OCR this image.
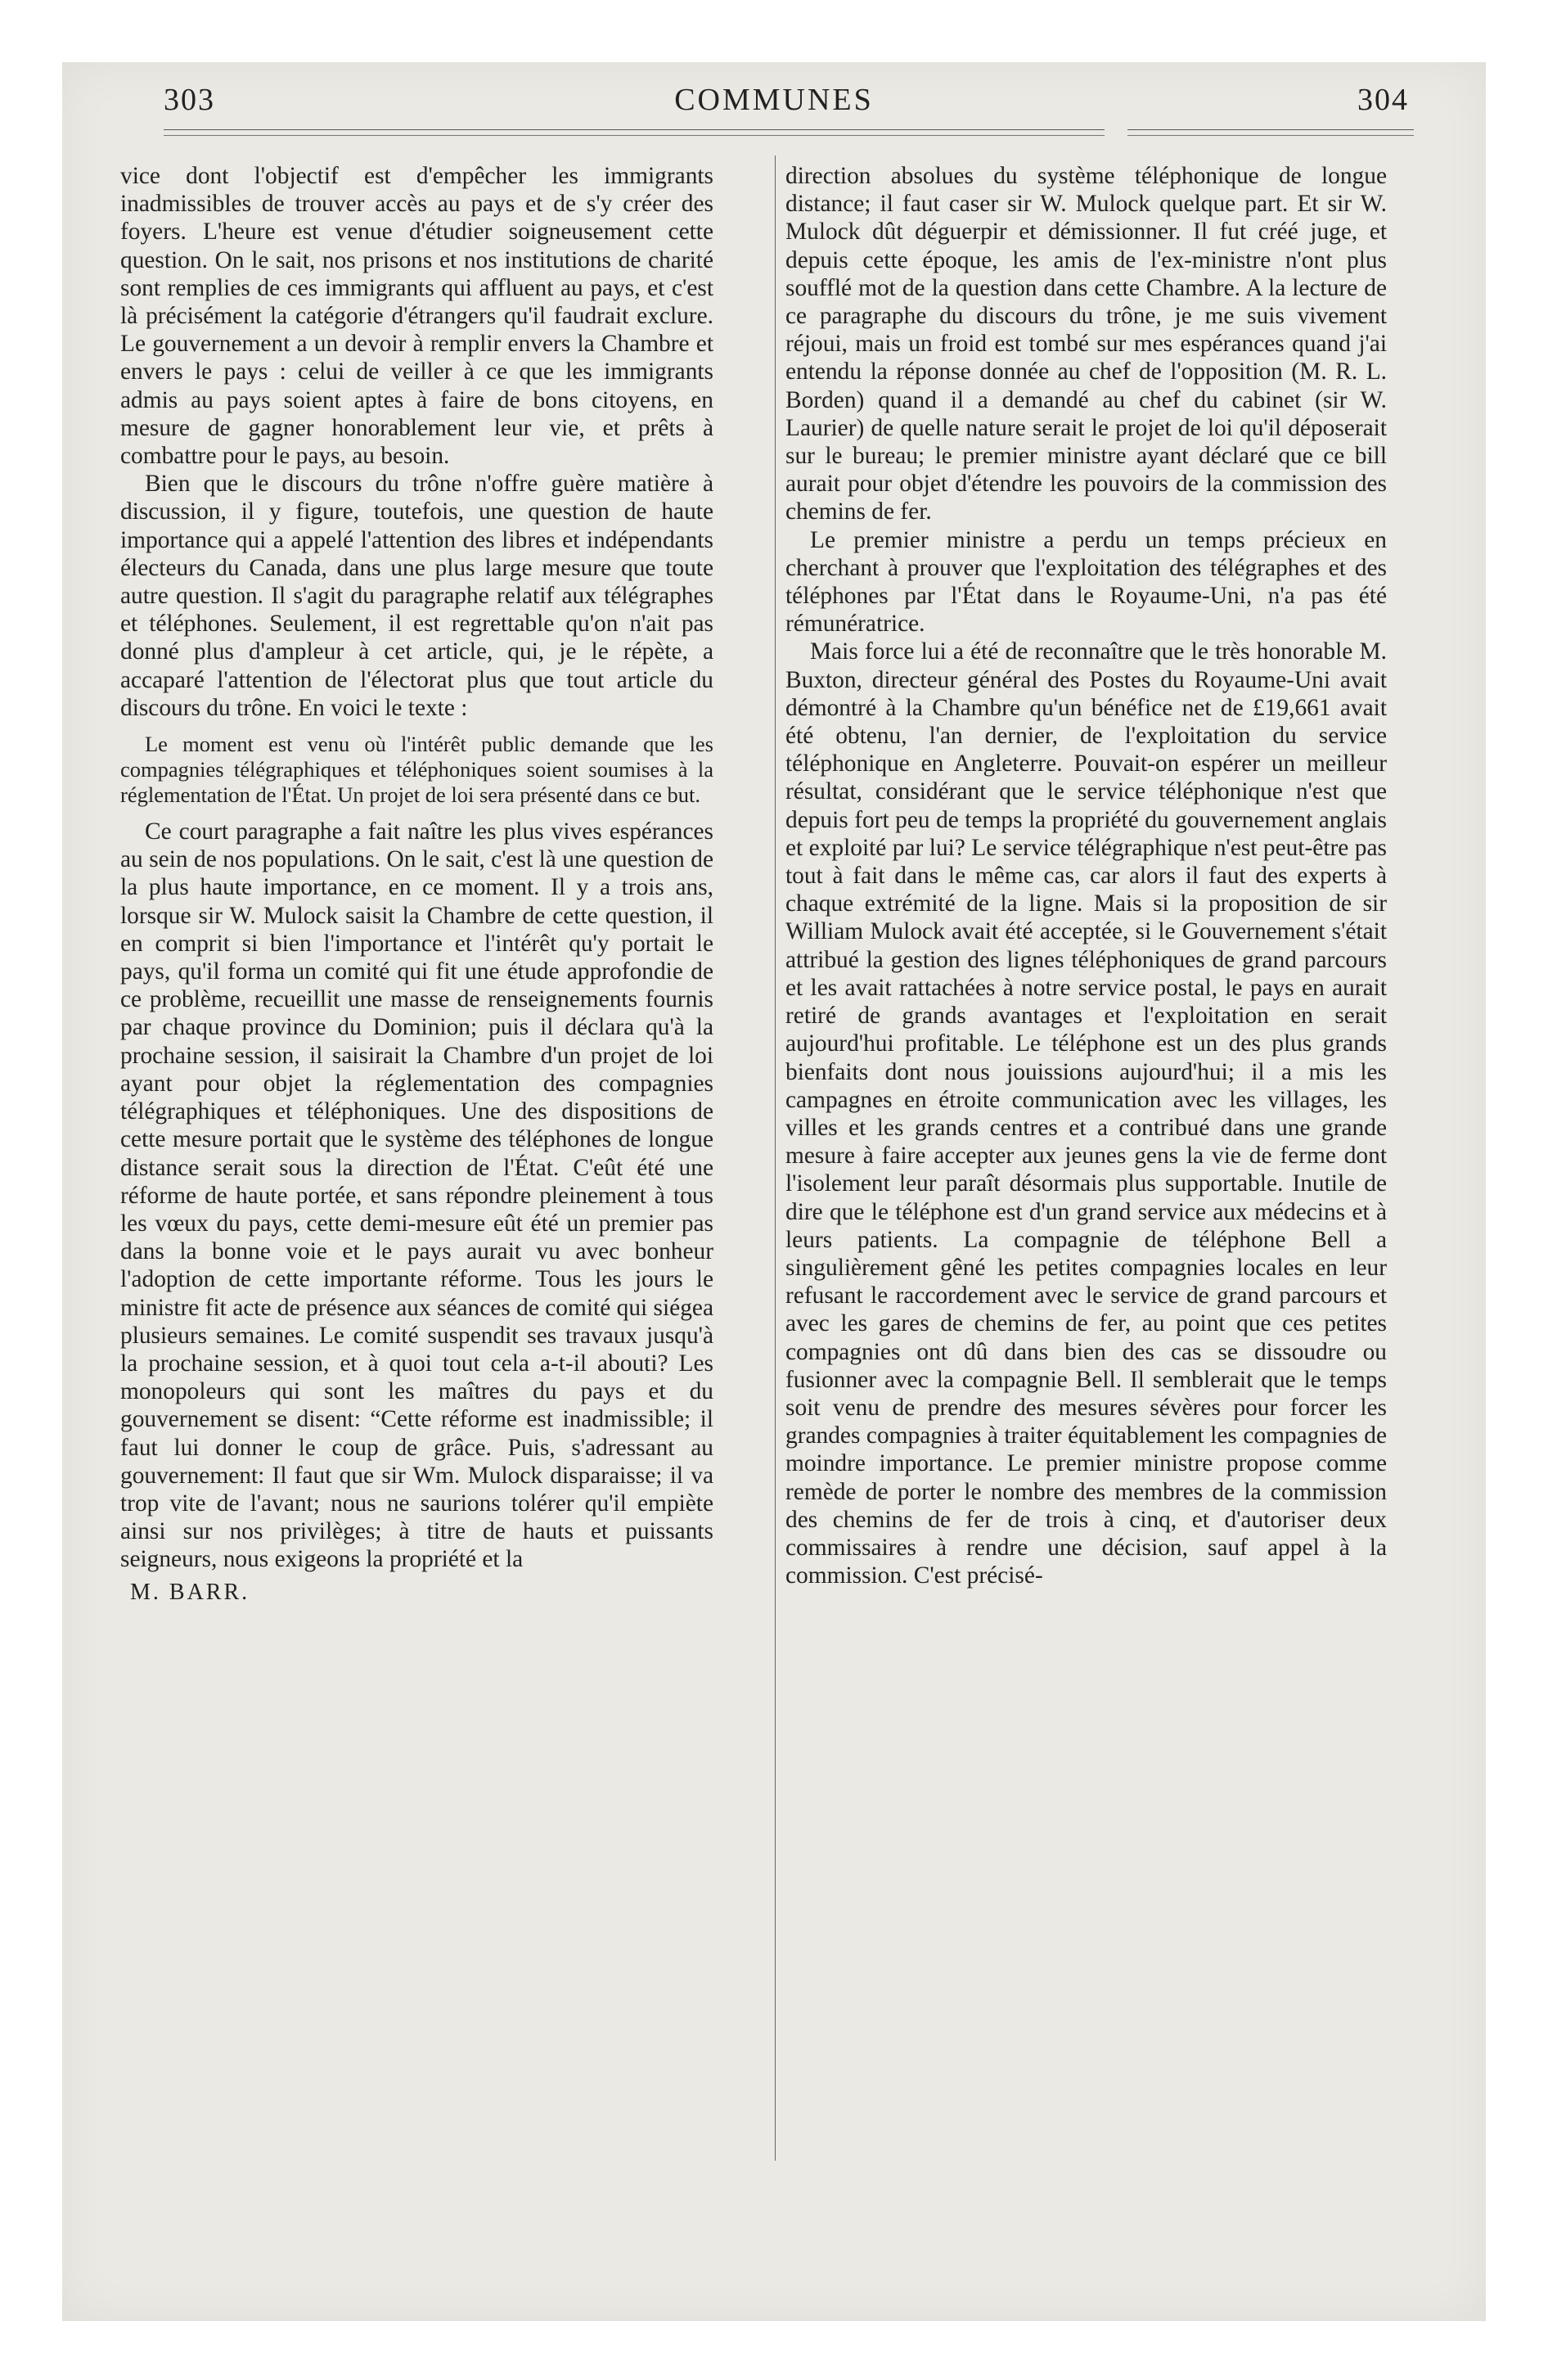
303	COMMUNES	304

vice dont l'objectif est d'empêcher les immigrants inadmissibles de trouver accès au pays et de s'y créer des foyers. L'heure est venue d'étudier soigneusement cette question. On le sait, nos prisons et nos institutions de charité sont remplies de ces immigrants qui affluent au pays, et c'est là précisément la catégorie d'étrangers qu'il faudrait exclure. Le gouvernement a un devoir à remplir envers la Chambre et envers le pays : celui de veiller à ce que les immigrants admis au pays soient aptes à faire de bons citoyens, en mesure de gagner honorablement leur vie, et prêts à combattre pour le pays, au besoin.

Bien que le discours du trône n'offre guère matière à discussion, il y figure, toutefois, une question de haute importance qui a appelé l'attention des libres et indépendants électeurs du Canada, dans une plus large mesure que toute autre question. Il s'agit du paragraphe relatif aux télégraphes et téléphones. Seulement, il est regrettable qu'on n'ait pas donné plus d'ampleur à cet article, qui, je le répète, a accaparé l'attention de l'électorat plus que tout article du discours du trône. En voici le texte :

Le moment est venu où l'intérêt public demande que les compagnies télégraphiques et téléphoniques soient soumises à la réglementation de l'État. Un projet de loi sera présenté dans ce but.

Ce court paragraphe a fait naître les plus vives espérances au sein de nos populations. On le sait, c'est là une question de la plus haute importance, en ce moment. Il y a trois ans, lorsque sir W. Mulock saisit la Chambre de cette question, il en comprit si bien l'importance et l'intérêt qu'y portait le pays, qu'il forma un comité qui fit une étude approfondie de ce problème, recueillit une masse de renseignements fournis par chaque province du Dominion; puis il déclara qu'à la prochaine session, il saisirait la Chambre d'un projet de loi ayant pour objet la réglementation des compagnies télégraphiques et téléphoniques. Une des dispositions de cette mesure portait que le système des téléphones de longue distance serait sous la direction de l'État. C'eût été une réforme de haute portée, et sans répondre pleinement à tous les vœux du pays, cette demi-mesure eût été un premier pas dans la bonne voie et le pays aurait vu avec bonheur l'adoption de cette importante réforme. Tous les jours le ministre fit acte de présence aux séances de comité qui siégea plusieurs semaines. Le comité suspendit ses travaux jusqu'à la prochaine session, et à quoi tout cela a-t-il abouti? Les monopoleurs qui sont les maîtres du pays et du gouvernement se disent: “Cette réforme est inadmissible; il faut lui donner le coup de grâce. Puis, s'adressant au gouvernement: Il faut que sir Wm. Mulock disparaisse; il va trop vite de l'avant; nous ne saurions tolérer qu'il empiète ainsi sur nos privilèges; à titre de hauts et puissants seigneurs, nous exigeons la propriété et la

M. BARR.

direction absolues du système téléphonique de longue distance; il faut caser sir W. Mulock quelque part. Et sir W. Mulock dût déguerpir et démissionner. Il fut créé juge, et depuis cette époque, les amis de l'ex-ministre n'ont plus soufflé mot de la question dans cette Chambre. A la lecture de ce paragraphe du discours du trône, je me suis vivement réjoui, mais un froid est tombé sur mes espérances quand j'ai entendu la réponse donnée au chef de l'opposition (M. R. L. Borden) quand il a demandé au chef du cabinet (sir W. Laurier) de quelle nature serait le projet de loi qu'il déposerait sur le bureau; le premier ministre ayant déclaré que ce bill aurait pour objet d'étendre les pouvoirs de la commission des chemins de fer.

Le premier ministre a perdu un temps précieux en cherchant à prouver que l'exploitation des télégraphes et des téléphones par l'État dans le Royaume-Uni, n'a pas été rémunératrice.

Mais force lui a été de reconnaître que le très honorable M. Buxton, directeur général des Postes du Royaume-Uni avait démontré à la Chambre qu'un bénéfice net de £19,661 avait été obtenu, l'an dernier, de l'exploitation du service téléphonique en Angleterre. Pouvait-on espérer un meilleur résultat, considérant que le service téléphonique n'est que depuis fort peu de temps la propriété du gouvernement anglais et exploité par lui? Le service télégraphique n'est peut-être pas tout à fait dans le même cas, car alors il faut des experts à chaque extrémité de la ligne. Mais si la proposition de sir William Mulock avait été acceptée, si le Gouvernement s'était attribué la gestion des lignes téléphoniques de grand parcours et les avait rattachées à notre service postal, le pays en aurait retiré de grands avantages et l'exploitation en serait aujourd'hui profitable. Le téléphone est un des plus grands bienfaits dont nous jouissions aujourd'hui; il a mis les campagnes en étroite communication avec les villages, les villes et les grands centres et a contribué dans une grande mesure à faire accepter aux jeunes gens la vie de ferme dont l'isolement leur paraît désormais plus supportable. Inutile de dire que le téléphone est d'un grand service aux médecins et à leurs patients. La compagnie de téléphone Bell a singulièrement gêné les petites compagnies locales en leur refusant le raccordement avec le service de grand parcours et avec les gares de chemins de fer, au point que ces petites compagnies ont dû dans bien des cas se dissoudre ou fusionner avec la compagnie Bell. Il semblerait que le temps soit venu de prendre des mesures sévères pour forcer les grandes compagnies à traiter équitablement les compagnies de moindre importance. Le premier ministre propose comme remède de porter le nombre des membres de la commission des chemins de fer de trois à cinq, et d'autoriser deux commissaires à rendre une décision, sauf appel à la commission. C'est précisé-
